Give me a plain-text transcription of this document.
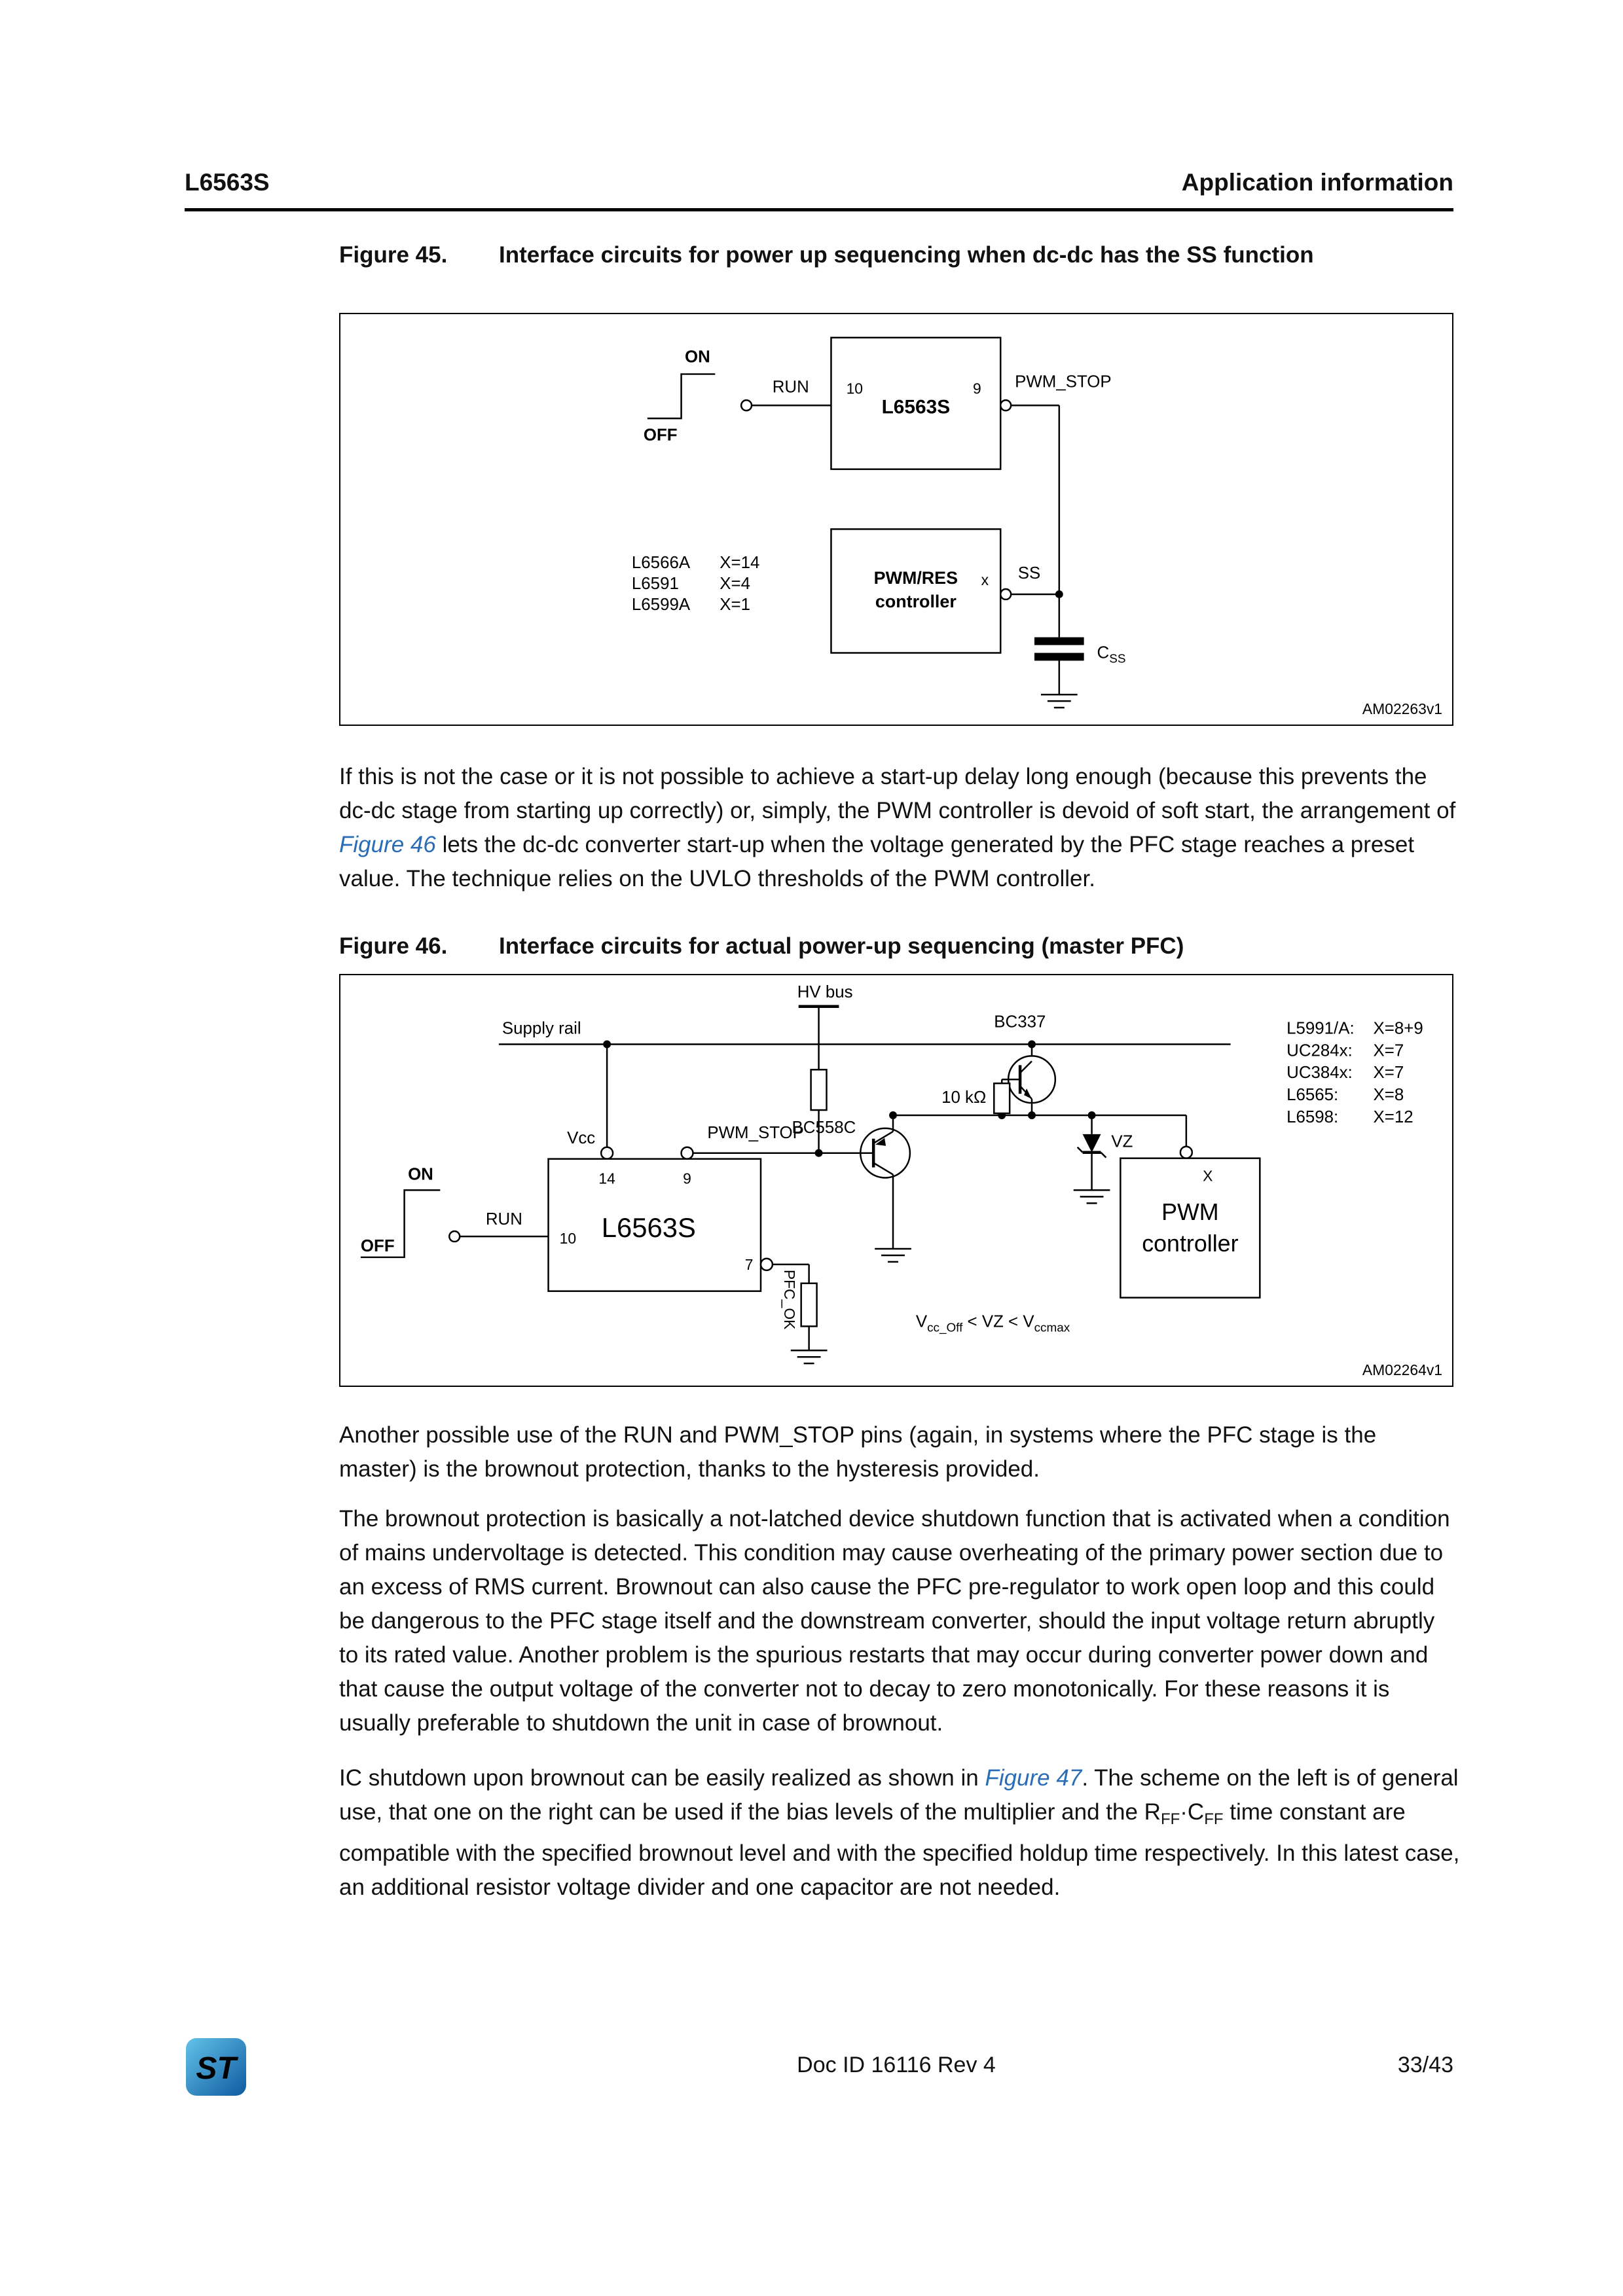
L6563S	Application information
Figure 45.	Interface circuits for power up sequencing when dc-dc has the SS function
ON
OFF
RUN 10	9
L6563S
PWM_STOP
PWM/RES
controller
x SS
$C_{SS}$
L6566A X=14
L6591 X=4
L6599A X=1
AM02263v1

If this is not the case or it is not possible to achieve a start-up delay long enough (because this prevents the dc-dc stage from starting up correctly) or, simply, the PWM controller is devoid of soft start, the arrangement of Figure 46 lets the dc-dc converter start-up when the voltage generated by the PFC stage reaches a preset value. The technique relies on the UVLO thresholds of the PWM controller.

Figure 46.	Interface circuits for actual power-up sequencing (master PFC)
Supply rail
HV bus
Vcc
14	9
L6563S
PWM_STOP
BC558C
BC337
10 kΩ
VZ
X
PWM
controller
ON
OFF
RUN
10
7
PFC_OK
L5991/A: X=8+9
UC284x: X=7
UC384x: X=7
L6565: X=8
L6598: X=12
$V_{cc\_Off}$ < VZ < $V_{ccmax}$
AM02264v1

Another possible use of the RUN and PWM_STOP pins (again, in systems where the PFC stage is the master) is the brownout protection, thanks to the hysteresis provided.

The brownout protection is basically a not-latched device shutdown function that is activated when a condition of mains undervoltage is detected. This condition may cause overheating of the primary power section due to an excess of RMS current. Brownout can also cause the PFC pre-regulator to work open loop and this could be dangerous to the PFC stage itself and the downstream converter, should the input voltage return abruptly to its rated value. Another problem is the spurious restarts that may occur during converter power down and that cause the output voltage of the converter not to decay to zero monotonically. For these reasons it is usually preferable to shutdown the unit in case of brownout.

IC shutdown upon brownout can be easily realized as shown in Figure 47. The scheme on the left is of general use, that one on the right can be used if the bias levels of the multiplier and the $R_{FF}\cdot C_{FF}$ time constant are compatible with the specified brownout level and with the specified holdup time respectively. In this latest case, an additional resistor voltage divider and one capacitor are not needed.

ST	Doc ID 16116 Rev 4	33/43
